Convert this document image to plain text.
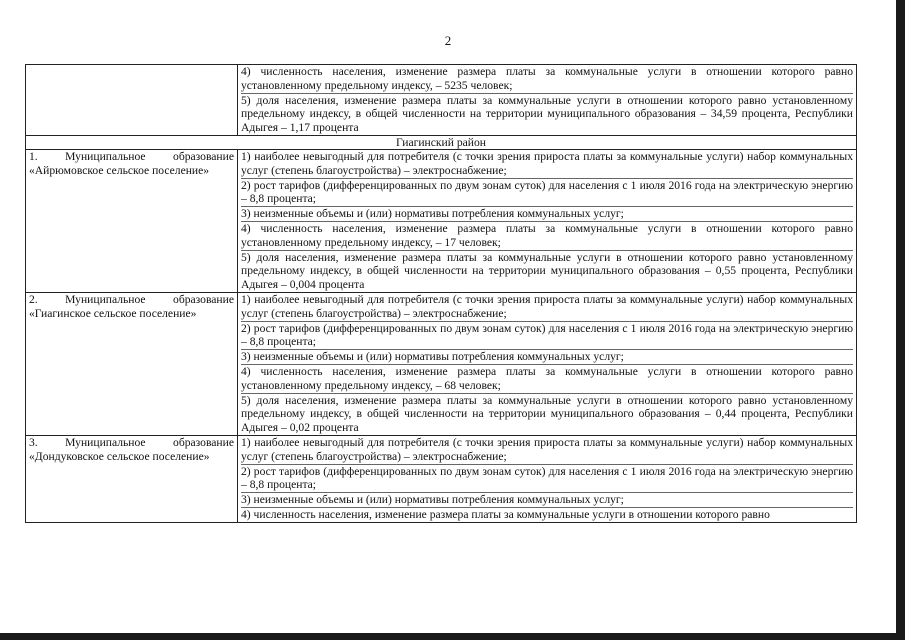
2

	4) численность населения, изменение размера платы за коммунальные услуги в отношении которого равно установленному предельному индексу, – 5235 человек;
5) доля населения, изменение размера платы за коммунальные услуги в отношении которого равно установленному предельному индексу, в общей численности на территории муниципального образования – 34,59 процента, Республики Адыгея – 1,17 процента

Гиагинский район	

1. Муниципальное образование «Айрюмовское сельское поселение»	1) наиболее невыгодный для потребителя (с точки зрения прироста платы за коммунальные услуги) набор коммунальных услуг (степень благоустройства) – электроснабжение;
2) рост тарифов (дифференцированных по двум зонам суток) для населения с 1 июля 2016 года на электрическую энергию – 8,8 процента;
3) неизменные объемы и (или) нормативы потребления коммунальных услуг;
4) численность населения, изменение размера платы за коммунальные услуги в отношении которого равно установленному предельному индексу, – 17 человек;
5) доля населения, изменение размера платы за коммунальные услуги в отношении которого равно установленному предельному индексу, в общей численности на территории муниципального образования – 0,55 процента, Республики Адыгея – 0,004 процента

2. Муниципальное образование «Гиагинское сельское поселение»	1) наиболее невыгодный для потребителя (с точки зрения прироста платы за коммунальные услуги) набор коммунальных услуг (степень благоустройства) – электроснабжение;
2) рост тарифов (дифференцированных по двум зонам суток) для населения с 1 июля 2016 года на электрическую энергию – 8,8 процента;
3) неизменные объемы и (или) нормативы потребления коммунальных услуг;
4) численность населения, изменение размера платы за коммунальные услуги в отношении которого равно установленному предельному индексу, – 68 человек;
5) доля населения, изменение размера платы за коммунальные услуги в отношении которого равно установленному предельному индексу, в общей численности на территории муниципального образования – 0,44 процента, Республики Адыгея – 0,02 процента

3. Муниципальное образование «Дондуковское сельское поселение»	1) наиболее невыгодный для потребителя (с точки зрения прироста платы за коммунальные услуги) набор коммунальных услуг (степень благоустройства) – электроснабжение;
2) рост тарифов (дифференцированных по двум зонам суток) для населения с 1 июля 2016 года на электрическую энергию – 8,8 процента;
3) неизменные объемы и (или) нормативы потребления коммунальных услуг;
4) численность населения, изменение размера платы за коммунальные услуги в отношении которого равно
